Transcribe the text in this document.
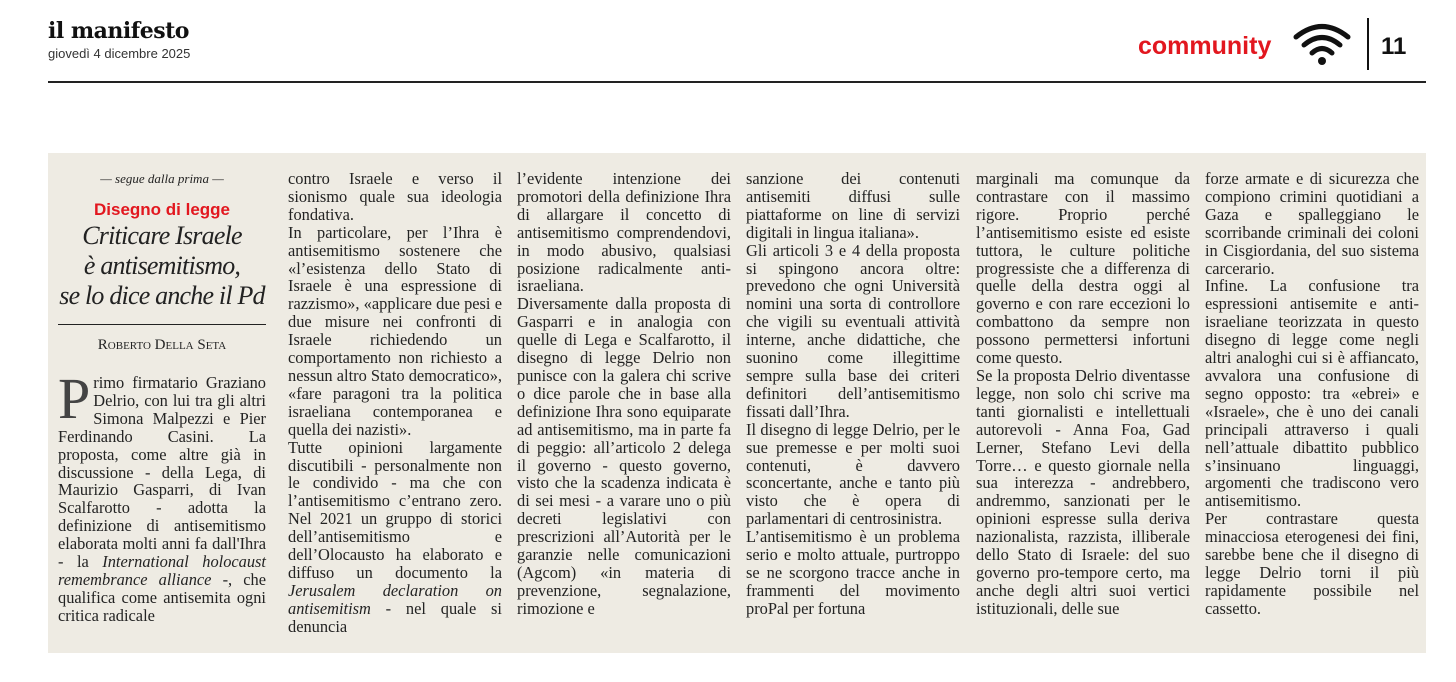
il manifesto
giovedì 4 dicembre 2025	community	11
— segue dalla prima —
Disegno di legge
Criticare Israele
è antisemitismo,
se lo dice anche il Pd
Roberto Della Seta

Primo firmatario Graziano Delrio, con lui tra gli altri Simona Malpezzi e Pier Ferdinando Casini. La proposta, come altre già in discussione - della Lega, di Maurizio Gasparri, di Ivan Scalfarotto - adotta la definizione di antisemitismo elaborata molti anni fa dall'Ihra - la International holocaust remembrance alliance -, che qualifica come antisemita ogni critica radicale

contro Israele e verso il sionismo quale sua ideologia fondativa.

In particolare, per l’Ihra è antisemitismo sostenere che «l’esistenza dello Stato di Israele è una espressione di razzismo», «applicare due pesi e due misure nei confronti di Israele richiedendo un comportamento non richiesto a nessun altro Stato democratico», «fare paragoni tra la politica israeliana contemporanea e quella dei nazisti».

Tutte opinioni largamente discutibili - personalmente non le condivido - ma che con l’antisemitismo c’entrano zero. Nel 2021 un gruppo di storici dell’antisemitismo e dell’Olocausto ha elaborato e diffuso un documento la Jerusalem declaration on antisemitism - nel quale si denuncia

l’evidente intenzione dei promotori della definizione Ihra di allargare il concetto di antisemitismo comprendendovi, in modo abusivo, qualsiasi posizione radicalmente anti-israeliana.

Diversamente dalla proposta di Gasparri e in analogia con quelle di Lega e Scalfarotto, il disegno di legge Delrio non punisce con la galera chi scrive o dice parole che in base alla definizione Ihra sono equiparate ad antisemitismo, ma in parte fa di peggio: all’articolo 2 delega il governo - questo governo, visto che la scadenza indicata è di sei mesi - a varare uno o più decreti legislativi con prescrizioni all’Autorità per le garanzie nelle comunicazioni (Agcom) «in materia di prevenzione, segnalazione, rimozione e

sanzione dei contenuti antisemiti diffusi sulle piattaforme on line di servizi digitali in lingua italiana».

Gli articoli 3 e 4 della proposta si spingono ancora oltre: prevedono che ogni Università nomini una sorta di controllore che vigili su eventuali attività interne, anche didattiche, che suonino come illegittime sempre sulla base dei criteri definitori dell’antisemitismo fissati dall’Ihra.

Il disegno di legge Delrio, per le sue premesse e per molti suoi contenuti, è davvero sconcertante, anche e tanto più visto che è opera di parlamentari di centrosinistra.

L’antisemitismo è un problema serio e molto attuale, purtroppo se ne scorgono tracce anche in frammenti del movimento proPal per fortuna

marginali ma comunque da contrastare con il massimo rigore. Proprio perché l’antisemitismo esiste ed esiste tuttora, le culture politiche progressiste che a differenza di quelle della destra oggi al governo e con rare eccezioni lo combattono da sempre non possono permettersi infortuni come questo.

Se la proposta Delrio diventasse legge, non solo chi scrive ma tanti giornalisti e intellettuali autorevoli - Anna Foa, Gad Lerner, Stefano Levi della Torre… e questo giornale nella sua interezza - andrebbero, andremmo, sanzionati per le opinioni espresse sulla deriva nazionalista, razzista, illiberale dello Stato di Israele: del suo governo pro-tempore certo, ma anche degli altri suoi vertici istituzionali, delle sue

forze armate e di sicurezza che compiono crimini quotidiani a Gaza e spalleggiano le scorribande criminali dei coloni in Cisgiordania, del suo sistema carcerario.

Infine. La confusione tra espressioni antisemite e anti-israeliane teorizzata in questo disegno di legge come negli altri analoghi cui si è affiancato, avvalora una confusione di segno opposto: tra «ebrei» e «Israele», che è uno dei canali principali attraverso i quali nell’attuale dibattito pubblico s’insinuano linguaggi, argomenti che tradiscono vero antisemitismo.

Per contrastare questa minacciosa eterogenesi dei fini, sarebbe bene che il disegno di legge Delrio torni il più rapidamente possibile nel cassetto.
